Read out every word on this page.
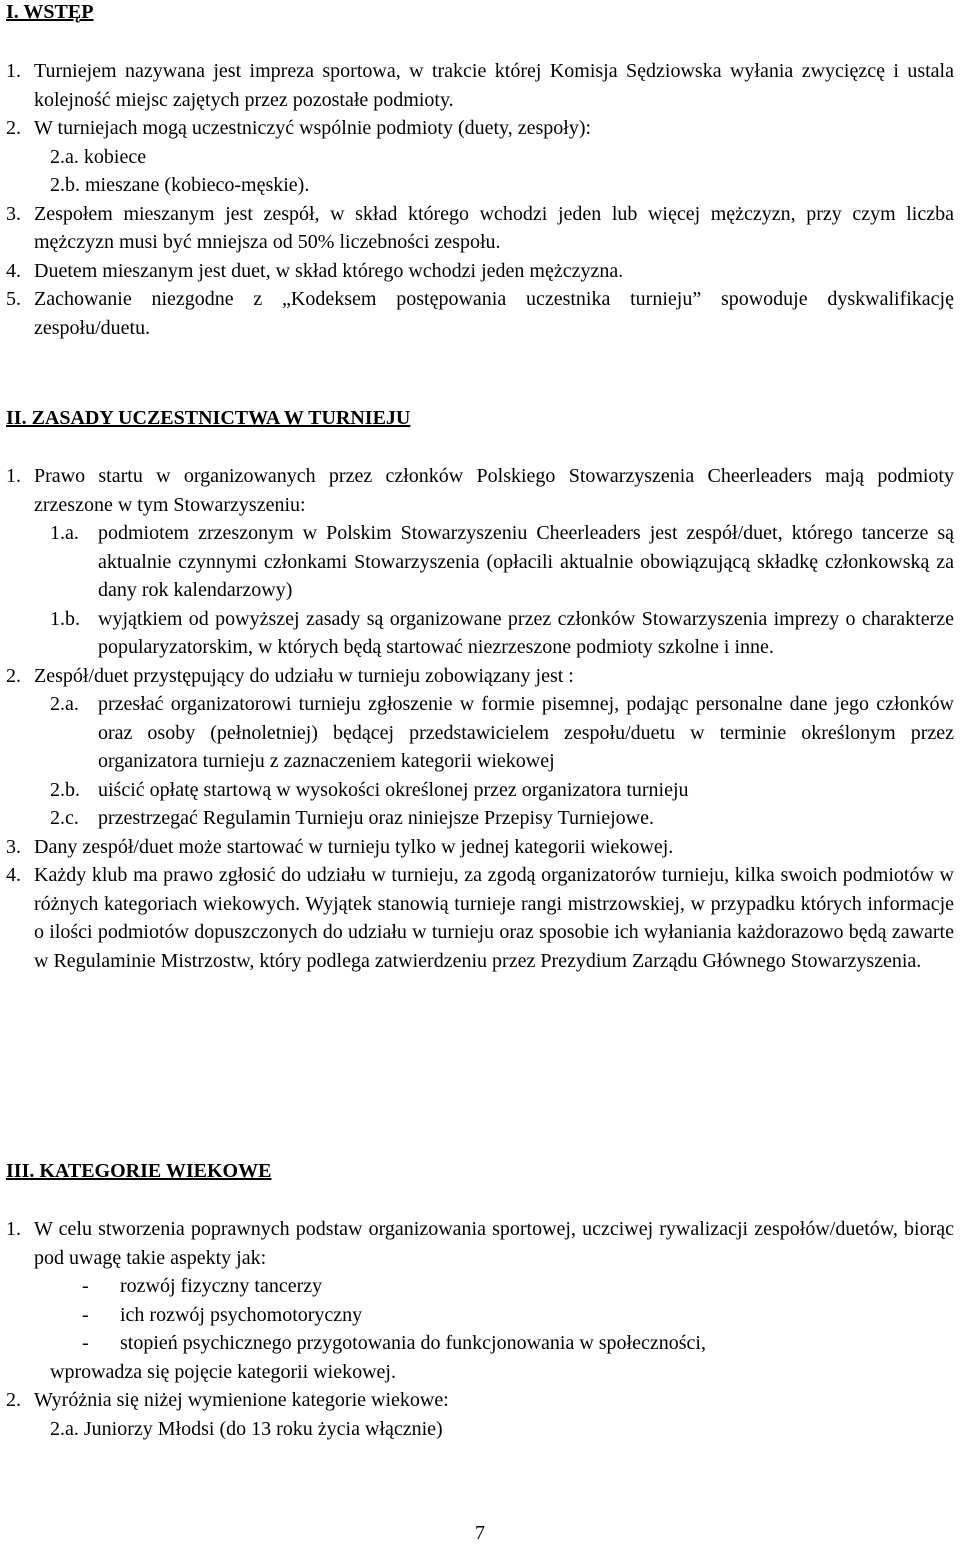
I. WSTĘP
1. Turniejem nazywana jest impreza sportowa, w trakcie której Komisja Sędziowska wyłania zwycięzcę i ustala kolejność miejsc zajętych przez pozostałe podmioty.
2. W turniejach mogą uczestniczyć wspólnie podmioty (duety, zespoły):
2.a. kobiece
2.b. mieszane (kobieco-męskie).
3. Zespołem mieszanym jest zespół, w skład którego wchodzi jeden lub więcej mężczyzn, przy czym liczba mężczyzn musi być mniejsza od 50% liczebności zespołu.
4. Duetem mieszanym jest duet, w skład którego wchodzi jeden mężczyzna.
5. Zachowanie niezgodne z „Kodeksem postępowania uczestnika turnieju” spowoduje dyskwalifikację zespołu/duetu.
II. ZASADY UCZESTNICTWA W TURNIEJU
1. Prawo startu w organizowanych przez członków Polskiego Stowarzyszenia Cheerleaders mają podmioty zrzeszone w tym Stowarzyszeniu:
1.a. podmiotem zrzeszonym w Polskim Stowarzyszeniu Cheerleaders jest zespół/duet, którego tancerze są aktualnie czynnymi członkami Stowarzyszenia (opłacili aktualnie obowiązującą składkę członkowską za dany rok kalendarzowy)
1.b. wyjątkiem od powyższej zasady są organizowane przez członków Stowarzyszenia imprezy o charakterze popularyzatorskim, w których będą startować niezrzeszone podmioty szkolne i inne.
2. Zespół/duet przystępujący do udziału w turnieju zobowiązany jest :
2.a. przesłać organizatorowi turnieju zgłoszenie w formie pisemnej, podając personalne dane jego członków oraz osoby (pełnoletniej) będącej przedstawicielem zespołu/duetu w terminie określonym przez organizatora turnieju z zaznaczeniem kategorii wiekowej
2.b. uiścić opłatę startową w wysokości określonej przez organizatora turnieju
2.c. przestrzegać Regulamin Turnieju oraz niniejsze Przepisy Turniejowe.
3. Dany zespół/duet może startować w turnieju tylko w jednej kategorii wiekowej.
4. Każdy klub ma prawo zgłosić do udziału w turnieju, za zgodą organizatorów turnieju, kilka swoich podmiotów w różnych kategoriach wiekowych. Wyjątek stanowią turnieje rangi mistrzowskiej, w przypadku których informacje o ilości podmiotów dopuszczonych do udziału w turnieju oraz sposobie ich wyłaniania każdorazowo będą zawarte w Regulaminie Mistrzostw, który podlega zatwierdzeniu przez Prezydium Zarządu Głównego Stowarzyszenia.
III. KATEGORIE WIEKOWE
1. W celu stworzenia poprawnych podstaw organizowania sportowej, uczciwej rywalizacji zespołów/duetów, biorąc pod uwagę takie aspekty jak:
- rozwój fizyczny tancerzy
- ich rozwój psychomotoryczny
- stopień psychicznego przygotowania do funkcjonowania w społeczności,
wprowadza się pojęcie kategorii wiekowej.
2. Wyróżnia się niżej wymienione kategorie wiekowe:
2.a. Juniorzy Młodsi (do 13 roku życia włącznie)
7
